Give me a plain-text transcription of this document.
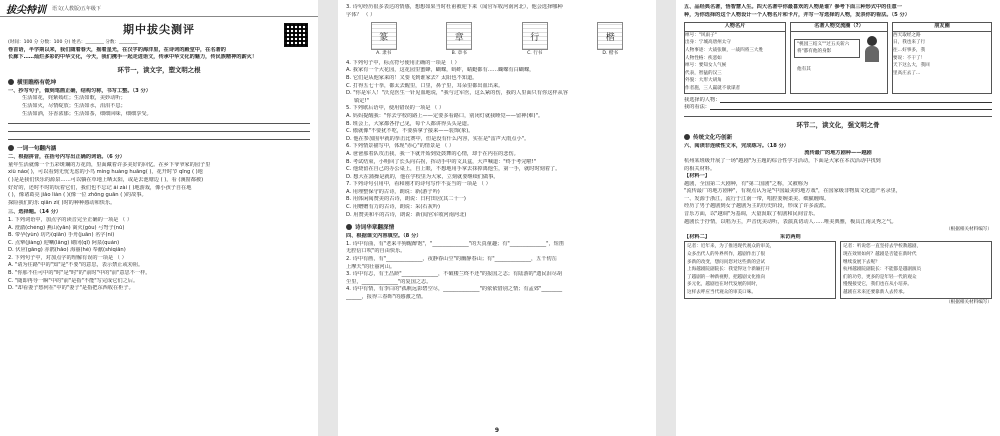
拔尖特训 语文(人教版)五年级下
期中拔尖测评
(时间：100 分 分数：100 分) 姓名：________ 分数：________
卷首语，半学期以来，我们随着春天，摇着星光，在汉字的海洋里，在诗词的殿堂中，在名著的
长廊下……灿烂多彩的中华文化，今天，我们携手一起走进语文，传承中华文化的魅力，传民族精神的薪火！
环节一，读文字，塑文明之根
横里瞧格有乾坤
一、抄写句子，做到笔画正确，结构匀称，书写工整。（3 分）
生活如花，姹紫嫣红；生活如歌，美妙动听；
生活如火，尽情绽放；生活如水，涓涓不息；
生活如酒，芬香浓郁；生活如茶，细细回味，细细享受。
一词一句翻内涵
二、根据拼音，在括号内写出正确的词语。（6 分）
童年生活就像一个五彩斑斓的万花筒，里面藏着许多美好的回忆。在乡下爷爷家的园子里
xiù náo( )，可以看到无忧无虑的小鸟 míng huàng huāng( )，花开时节 qǐng ( )地
( )是是我们快乐的源泉……可以躺在草地上晒太阳，或是去池塘边 ( )，看 (溪窗都被)
好好的，还时不时的玩着它们，我们也不忘记 ái zài ( )地游戏，像小孩子自在地
( )，像诸葛亮 jiǎo liàn ( )(像一位 zhōng guān ( )的故事。
探险我们的乐 qiān zì( )时的种种感动和快乐。
三、选择题。（14 分）
1. 下列词语中，加点字的读音完全正确的一项是 （ ）
A. 澄澈(chéng) 燕山(yān) 篱火(gǒu) 弓弩子(nǔ)
B. 带孕(yùn) 坊巧(qiān) 手舟(juān) 名字(nì)
C. 点犟(jiàng) 迎喇(lǎng) 砌闭(qī) 阿泉(quán)
D. 伏应(gāng) 赤鹃(hǎo) 海丽(hè) 奉献(shìqiān)
2. 下列句子中，对加点字的理解有误的一项是 （ ）
A. "请为往路"中的"知"是"不要"的意思，表示禁止或劝阻。
B. "你那不任可中的"时"是"时"的"前时"中的"前"意思不一样。
C. "随即再导一瞬"中的"前"是指"不能"写完成它们之后。
D. "却看妻子愁何在"中的"妻子"是指把东西收在柜子。
3. 诗句经历很多表达的情感，想想如果当时杜甫被迎下来（闻官军收河南河北），他会选择哪种
字体？ （ ）
篆
A. 隶书
章
B. 章书
行
C. 行书
楷
D. 楷书
4. 下列句子中，标点符号使用正确的一项是 （ ）
A. 我家有一个大花园，这花园里蜜蜂，蝴蝶，蚂蚱，蜻蜓都有……蝴蝶有白蝴蝶，
B. 它们是从他家来的！又要飞到谁家去？太阳也不知道。
C. 打得五七十拳，都太去醒里，口里，鼻子里，耳朵里都出血出来。
D. "你是军人！"沃克医生一针见血地说，"我与过军医，这么紧的伤，我的人里面只有你这样从容
镇定!"
5. 下列歇后语中，使用错误的一项是 （ ）
A. 妈妈提醒我："你去学校的路上——定要多看路口，别闭灯就我睡觉——留神(难)"。
B. 班会上，大家都各抒己见，每个人都讲得头头是道。
C. 傲就像"不要犹不吃，不要骄拿子接来——装饰(象)。
D. 他在参加围甲就的拳击比赛中，但是没有什么内容，实在是"雷声大雨点小"。
6. 下列情景描写中，体现"赤心"的情景是 （ ）
A. 爸爸那着队攻击我，我一下就开始到处鼓舞的心情，却于在内在的悲伤。
B. 考试结束，小明回了长头向右拐，挥动手中的文具盒，大声喊道："终于考完啦!"
C. 他烧留在自己的办公桌上，自上眼，不想地用手掌去抹掉离他生，第一手，就时时刻着了。
D. 想大在蒲操是就的，他在学校里为大家，立刻就要继续们做事。
7. 下列诗句引用中，看和刚才的诗句写作不妥当的一项是 （ ）
A. 用埋整保守的古诗，朗说：新(游子吟)
B. 用体闲阅赞美的古诗，朗说：日村田居(其二十一)
C. 用赠赠有力的古诗，朗说：采(石灰吟)
D. 用赞美和平的古诗，朗说：新(闻官军收河南河北)
诗词华章翻深情
四、根据课文内容填空。（8 分）
1. 诗中有曲，有"老来丰狗醒醉饱"，"______________"的天真童趣；有"______________"，短笛
无腔信口吹"的自由快乐。
2. 诗中有画，有"______________，夜静春山空"的幽静春山；有"______________，五千仞岳
上摩天"的壮丽河山。
3. 诗中有志，有王昌龄"______________，不破楼兰终不还"的报国之志；有陆游的"遗民泪尽胡
尘里，______________"的复国之志。
4. 诗中有情，有李白的"孤帆远影碧空尽，______________"的依依惜别之情；有孟郊"________
______，报得三春晖"的感激之情。
9
五、品经典名著，悟智慧人生。四大名著中你最喜欢的人物是谁？参考下面三种形式中的任意一
种，为你选择的这个人物设计一个人物名片和卡片，并写一写选择的人物，发表你的看法。（5 分）
人物名片
绰号："风雨子"
出身：宁城高唐州太守
人物事迹：大战张顺，一战四将三大胜
人物性格：疾恶如
绰号：要知女人气候
代表，智猛的汉三
外貌：大形大胡角
作者施，三人赢就不欲谋者
名著人物交流圈（?）
"桃园三结义""过五关斩六将"都有他的身影
他有其
朋友圈
西天取经之路
日，我也来了行
往…好事多，我
要说：不干了！
天下这么大，我回
里高庄去了...
我选择的人物：
我的看法：
环节二，读文化，强文明之骨
传统文化巧创新
六、阅读非连续性文本，完成练习。（18 分）
流传最广的地方剧种——越剧
杭州某班级开展了一场"越剧"为主题的综合性学习活动，下面是大家在本次活动中找到
的相关材料。
【材料一】
越剧，全国第二大剧种，有"第二国剧"之称，又被称为
"流传最广的地方剧种"，有观点认为是"中国最美的地方戏"，在国家级非物质文化遗产名录里，
一、发源于浙江，流行于江南一带，唱腔委婉柔美、细腻缠绵。
经历了男子越剧到女子越剧为主的历史阶段，形成了许多流派。
音乐方面，以"越调"为基调，大量汲取了杭剧和民间音乐。
越剧长于抒情，以唱为主，声音优美动听，表演真切动人……唯美典雅，极具江南灵秀之气。
（根据相关材料编写）
【材料二】	采访两则
记者：近年来，为了推进现代观众的审美，
众多出代人的外界所作，越剧作出了很
多新的改变，想问问您对这些新的尝试
上海越剧院副院长：我觉得这个新颖打开
了越剧的一种新视野，把越剧文化推向
多元化，越剧也在时代发展的同时，
这样去呼应当代观众的审美口味。
记者：听说您一直坚持去学校教越剧，
现在效果如何？越剧是否能在新时代
继续发展下去呢？
杭州越剧院副院长：不能都是越剧演员
们的功劳，更多的是年轻一代的观众
慢慢接受它，我们也在从小培养。
越剧在未来还要靠新人去传承。
（根据相关材料编写）
